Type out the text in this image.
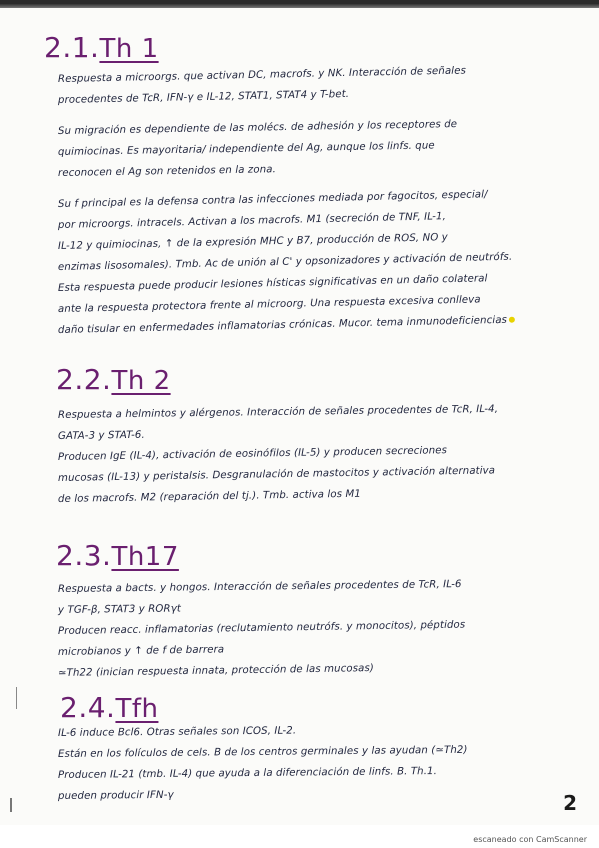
2.1.Th 1
Respuesta a microorgs. que activan DC, macrofs. y NK. Interacción de señales
procedentes de TcR, IFN-γ e IL-12, STAT1, STAT4 y T-bet.
Su migración es dependiente de las molécs. de adhesión y los receptores de
quimiocinas. Es mayoritaria/ independiente del Ag, aunque los linfs. que
reconocen el Ag son retenidos en la zona.
Su f principal es la defensa contra las infecciones mediada por fagocitos, especial/
por microorgs. intracels. Activan a los macrofs. M1 (secreción de TNF, IL-1,
IL-12 y quimiocinas, ↑ de la expresión MHC y B7, producción de ROS, NO y
enzimas lisosomales). Tmb. Ac de unión al C' y opsonizadores y activación de neutrófs.
Esta respuesta puede producir lesiones hísticas significativas en un daño colateral
ante la respuesta protectora frente al microorg. Una respuesta excesiva conlleva
daño tisular en enfermedades inflamatorias crónicas. Mucor. tema inmunodeficiencias
2.2.Th 2
Respuesta a helmintos y alérgenos. Interacción de señales procedentes de TcR, IL-4,
GATA-3 y STAT-6.
Producen IgE (IL-4), activación de eosinófilos (IL-5) y producen secreciones
mucosas (IL-13) y peristalsis. Desgranulación de mastocitos y activación alternativa
de los macrofs. M2 (reparación del tj.). Tmb. activa los M1
2.3.Th17
Respuesta a bacts. y hongos. Interacción de señales procedentes de TcR, IL-6
y TGF-β, STAT3 y RORγt
Producen reacc. inflamatorias (reclutamiento neutrófs. y monocitos), péptidos
microbianos y ↑ de f de barrera
≃Th22 (inician respuesta innata, protección de las mucosas)
2.4.Tfh
IL-6 induce Bcl6. Otras señales son ICOS, IL-2.
Están en los folículos de cels. B de los centros germinales y las ayudan (≃Th2)
Producen IL-21 (tmb. IL-4) que ayuda a la diferenciación de linfs. B. Th.1.
pueden producir IFN-γ	2
escaneado con CamScanner
